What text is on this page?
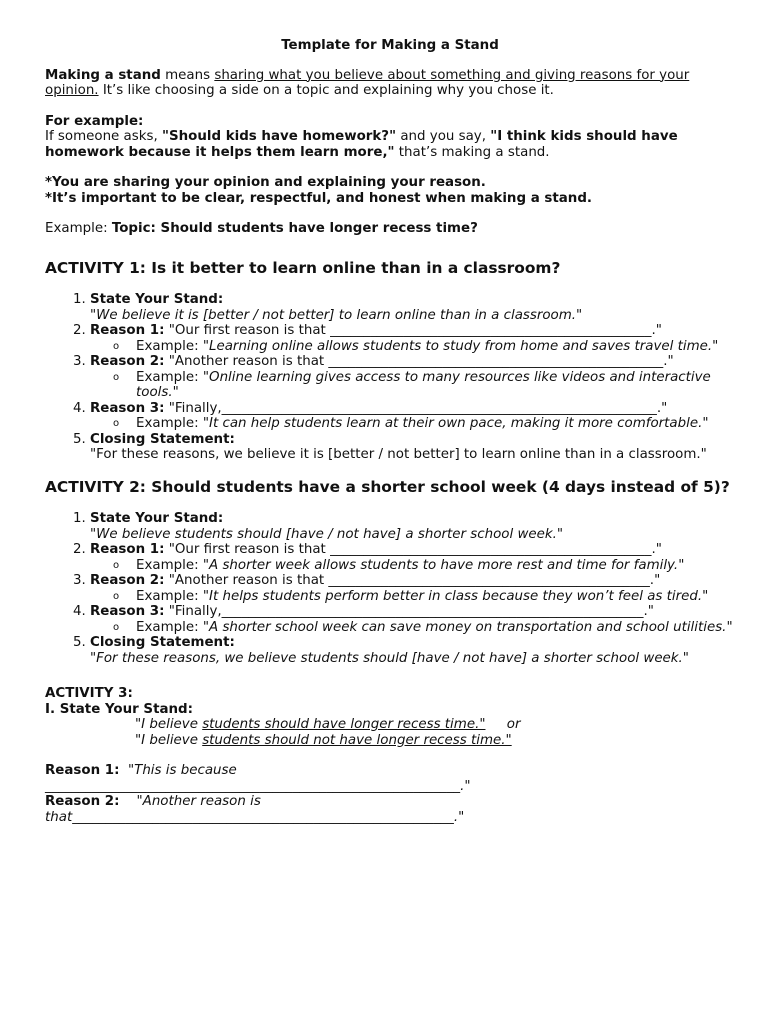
Template for Making a Stand

Making a stand means sharing what you believe about something and giving reasons for your opinion. It’s like choosing a side on a topic and explaining why you chose it.

For example:

If someone asks, "Should kids have homework?" and you say, "I think kids should have homework because it helps them learn more," that’s making a stand.

*You are sharing your opinion and explaining your reason.

*It’s important to be clear, respectful, and honest when making a stand.

Example: Topic: Should students have longer recess time?

ACTIVITY 1: Is it better to learn online than in a classroom?
1. State Your Stand:
"We believe it is [better / not better] to learn online than in a classroom."
2. Reason 1: "Our first reason is that ________________________________________________."
o Example: "Learning online allows students to study from home and saves travel time."
3. Reason 2: "Another reason is that __________________________________________________."
o Example: "Online learning gives access to many resources like videos and interactive tools."
4. Reason 3: "Finally,_________________________________________________________________."
o Example: "It can help students learn at their own pace, making it more comfortable."
5. Closing Statement:
"For these reasons, we believe it is [better / not better] to learn online than in a classroom."
ACTIVITY 2: Should students have a shorter school week (4 days instead of 5)?
1. State Your Stand:
"We believe students should [have / not have] a shorter school week."
2. Reason 1: "Our first reason is that ________________________________________________."
o Example: "A shorter week allows students to have more rest and time for family."
3. Reason 2: "Another reason is that ________________________________________________."
o Example: "It helps students perform better in class because they won’t feel as tired."
4. Reason 3: "Finally,_______________________________________________________________."
o Example: "A shorter school week can save money on transportation and school utilities."
5. Closing Statement:
"For these reasons, we believe students should [have / not have] a shorter school week."

ACTIVITY 3:

I. State Your Stand:

"I believe students should have longer recess time."     or

"I believe students should not have longer recess time."

Reason 1:  "This is because ______________________________________________________________."

Reason 2:    "Another reason is that_________________________________________________________."
